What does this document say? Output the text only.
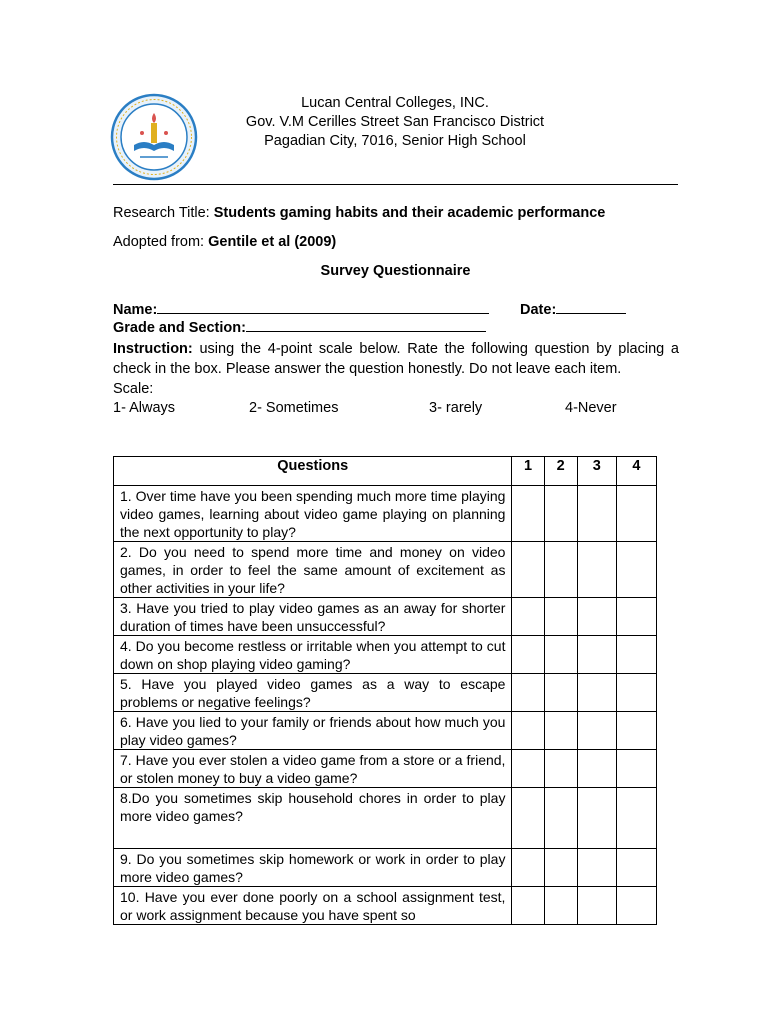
Lucan Central Colleges, INC.
Gov. V.M Cerilles Street San Francisco District
Pagadian City, 7016, Senior High School
Research Title: Students gaming habits and their academic performance
Adopted from: Gentile et al (2009)
Survey Questionnaire
Name:	Date:
Grade and Section:
Instruction: using the 4-point scale below. Rate the following question by placing a check in the box. Please answer the question honestly. Do not leave each item.
Scale:
1- Always	2- Sometimes	3- rarely	4-Never
Questions	1	2	3	4
1. Over time have you been spending much more time playing video games, learning about video game playing on planning the next opportunity to play?				
2. Do you need to spend more time and money on video games, in order to feel the same amount of excitement as other activities in your life?				
3. Have you tried to play video games as an away for shorter duration of times have been unsuccessful?				
4. Do you become restless or irritable when you attempt to cut down on shop playing video gaming?				
5. Have you played video games as a way to escape problems or negative feelings?				
6. Have you lied to your family or friends about how much you play video games?				
7. Have you ever stolen a video game from a store or a friend, or stolen money to buy a video game?				
8.Do you sometimes skip household chores in order to play more video games?				
9. Do you sometimes skip homework or work in order to play more video games?				
10. Have you ever done poorly on a school assignment test, or work assignment because you have spent so				
